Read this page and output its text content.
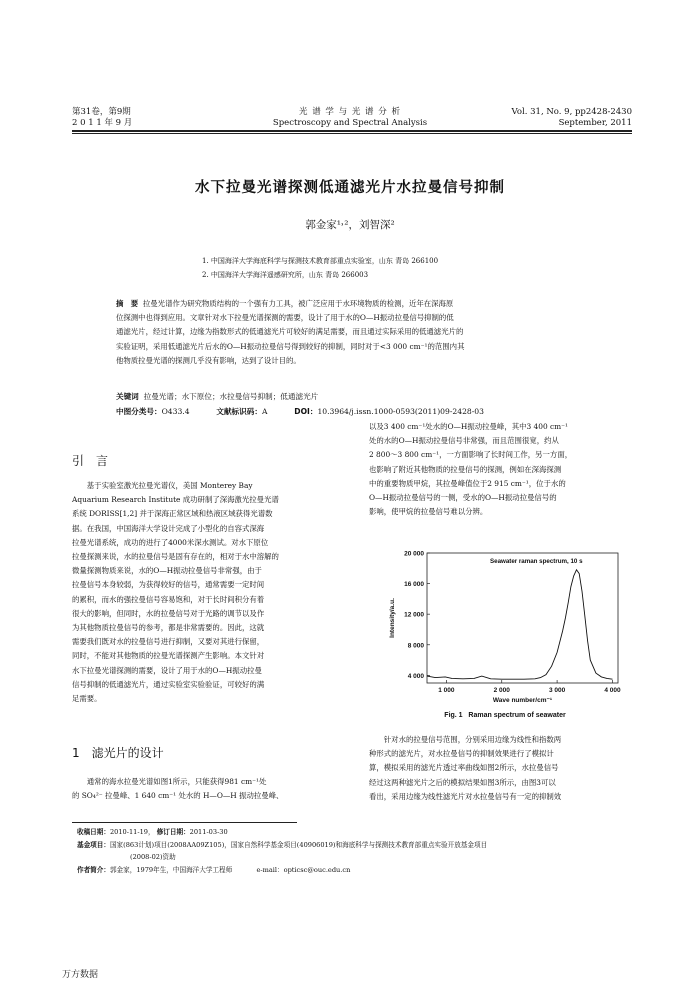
第31卷，第9期
2 0 1 1 年 9 月
光 谱 学 与 光 谱 分 析
Spectroscopy and Spectral Analysis
Vol. 31, No. 9, pp2428-2430
September, 2011
水下拉曼光谱探测低通滤光片水拉曼信号抑制
郭金家¹˒²，刘智深²
1. 中国海洋大学海底科学与探测技术教育部重点实验室，山东 青岛 266100
2. 中国海洋大学海洋遥感研究所，山东 青岛 266003
摘　要 拉曼光谱作为研究物质结构的一个强有力工具，被广泛应用于水环境物质的检测，近年在深海原
位探测中也得到应用。文章针对水下拉曼光谱探测的需要，设计了用于水的O—H振动拉曼信号抑制的低
通滤光片，经过计算，边缘为指数形式的低通滤光片可较好的满足需要，而且通过实际采用的低通滤光片的
实验证明，采用低通滤光片后水的O—H振动拉曼信号得到较好的抑制，同时对于<3 000 cm⁻¹的范围内其
他物质拉曼光谱的探测几乎没有影响，达到了设计目的。
关键词 拉曼光谱；水下原位；水拉曼信号抑制；低通滤光片
中图分类号：O433.4	文献标识码：A	DOI：10.3964/j.issn.1000-0593(2011)09-2428-03
引　言
　　基于实验室激光拉曼光谱仪，美国 Monterey Bay
Aquarium Research Institute 成功研制了深海激光拉曼光谱
系统 DORISS[1,2] 并于深海正常区域和热液区域获得光谱数
据。在我国，中国海洋大学设计完成了小型化的自容式深海
拉曼光谱系统，成功的进行了4000米深水测试。对水下原位
拉曼探测来说，水的拉曼信号是固有存在的，相对于水中溶解的
微量探测物质来说，水的O—H振动拉曼信号非常强，由于
拉曼信号本身较弱，为获得较好的信号，通常需要一定时间
的累积，而水的强拉曼信号容易饱和，对于长时间积分有着
很大的影响，但同时，水的拉曼信号对于光路的调节以及作
为其他物质拉曼信号的参考，都是非常需要的。因此，这就
需要我们既对水的拉曼信号进行抑制，又要对其进行保留，
同时，不能对其他物质的拉曼光谱探测产生影响。本文针对
水下拉曼光谱探测的需要，设计了用于水的O—H振动拉曼
信号抑制的低通滤光片，通过实验室实验验证，可较好的满
足需要。
1　滤光片的设计
　　通常的海水拉曼光谱如图1所示，只能获得981 cm⁻¹处
的 SO₄²⁻ 拉曼峰、1 640 cm⁻¹ 处水的 H—O—H 振动拉曼峰、
以及3 400 cm⁻¹处水的O—H振动拉曼峰，其中3 400 cm⁻¹
处的水的O—H振动拉曼信号非常强，而且范围很宽，约从
2 800～3 800 cm⁻¹，一方面影响了长时间工作，另一方面，
也影响了附近其他物质的拉曼信号的探测，例如在深海探测
中的重要物质甲烷，其拉曼峰值位于2 915 cm⁻¹，位于水的
O—H振动拉曼信号的一侧，受水的O—H振动拉曼信号的
影响，使甲烷的拉曼信号难以分辨。
4 000
8 000
12 000
16 000
20 000
1 000	2 000	3 000	4 000
Wave number/cm⁻¹
Intensity/a.u.
Seawater raman spectrum, 10 s
Fig. 1 Raman spectrum of seawater
　　针对水的拉曼信号范围，分别采用边缘为线性和指数两
种形式的滤光片，对水拉曼信号的抑制效果进行了模拟计
算，模拟采用的滤光片透过率曲线如图2所示，水拉曼信号
经过这两种滤光片之后的模拟结果如图3所示，由图3可以
看出，采用边缘为线性滤光片对水拉曼信号有一定的抑制效
收稿日期：2010-11-19， 修订日期：2011-03-30
基金项目：国家(863计划)项目(2008AA09Z105)，国家自然科学基金项目(40906019)和海底科学与探测技术教育部重点实验开放基金项目
(2008-02)资助
作者简介：郭金家，1979年生，中国海洋大学工程师	e-mail：opticsc@ouc.edu.cn
万方数据
